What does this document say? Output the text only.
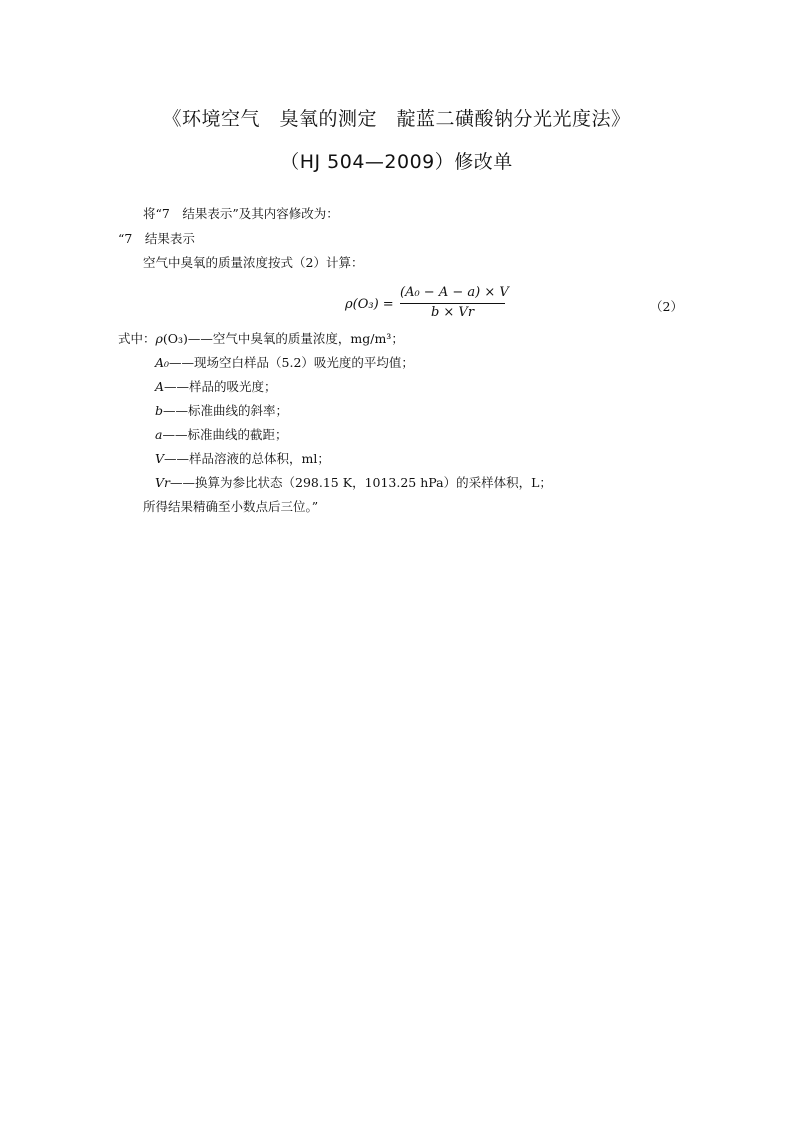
《环境空气　臭氧的测定　靛蓝二磺酸钠分光光度法》
（HJ 504—2009）修改单
将“7　结果表示”及其内容修改为：
“7　结果表示
空气中臭氧的质量浓度按式（2）计算：
ρ(O₃) =
(A₀ − A − a) × V
b × Vr	（2）
式中：ρ(O₃)——空气中臭氧的质量浓度，mg/m³；
A₀——现场空白样品（5.2）吸光度的平均值；
A——样品的吸光度；
b——标准曲线的斜率；
a——标准曲线的截距；
V——样品溶液的总体积，ml；
Vr——换算为参比状态（298.15 K，1013.25 hPa）的采样体积，L；
所得结果精确至小数点后三位。”
